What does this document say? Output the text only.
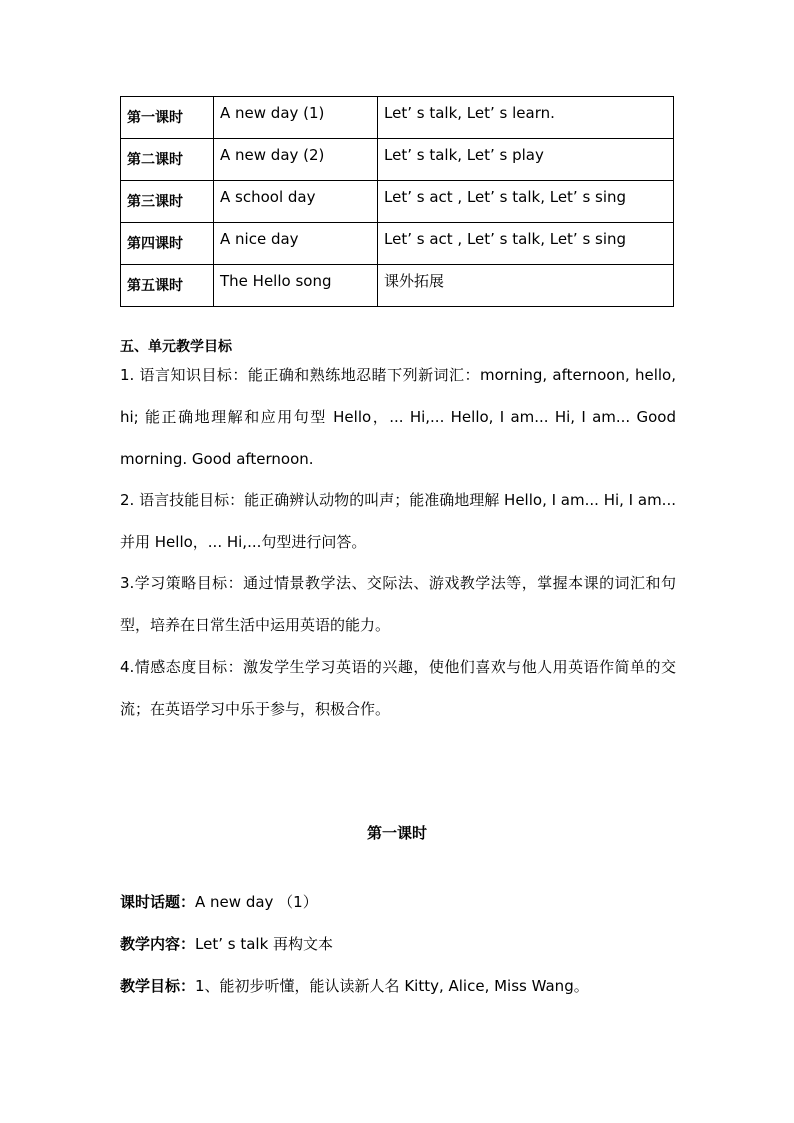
第一课时	A new day (1)	Let’ s talk, Let’ s learn.
第二课时	A new day (2)	Let’ s talk, Let’ s play
第三课时	A school day	Let’ s act , Let’ s talk, Let’ s sing
第四课时	A nice day	Let’ s act , Let’ s talk, Let’ s sing
第五课时	The Hello song	课外拓展
五、单元教学目标
1. 语言知识目标：能正确和熟练地忍睹下列新词汇：morning, afternoon, hello, hi; 能正确地理解和应用句型 Hello，... Hi,... Hello, I am... Hi, I am... Good morning. Good afternoon.
2. 语言技能目标：能正确辨认动物的叫声；能准确地理解 Hello, I am... Hi, I am...并用 Hello，... Hi,...句型进行问答。
3.学习策略目标：通过情景教学法、交际法、游戏教学法等，掌握本课的词汇和句型，培养在日常生活中运用英语的能力。
4.情感态度目标：激发学生学习英语的兴趣，使他们喜欢与他人用英语作简单的交流；在英语学习中乐于参与，积极合作。
第一课时
课时话题：A new day （1）
教学内容：Let’ s talk 再构文本
教学目标：1、能初步听懂，能认读新人名 Kitty, Alice, Miss Wang。
